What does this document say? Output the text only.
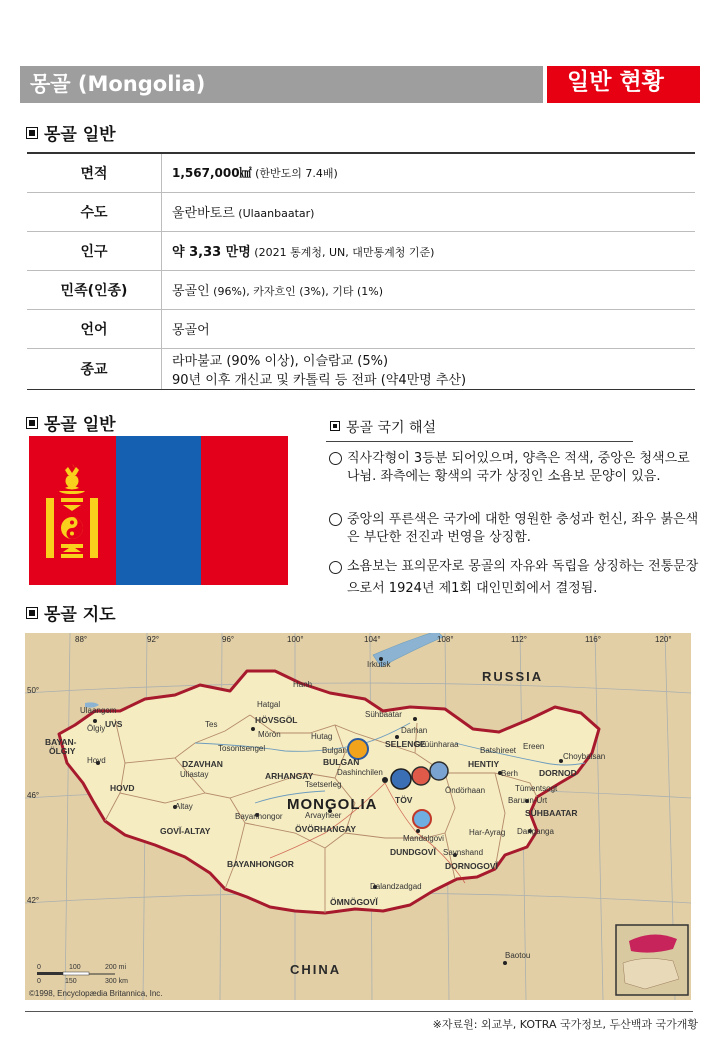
몽골 (Mongolia)	일반 현황
몽골 일반
면적	1,567,000㎢ (한반도의 7.4배)
수도	울란바토르 (Ulaanbaatar)
인구	약 3,33 만명 (2021 통계청, UN, 대만통계청 기준)
민족(인종)	몽골인 (96%), 카자흐인 (3%), 기타 (1%)
언어	몽골어
종교	라마불교 (90% 이상), 이슬람교 (5%)
90년 이후 개신교 및 카톨릭 등 전파 (약4만명 추산)
몽골 일반	몽골 국기 해설
직사각형이 3등분 되어있으며, 양측은 적색, 중앙은 청색으로 나뉨. 좌측에는 황색의 국가 상징인 소욤보 문양이 있음.
중앙의 푸른색은 국가에 대한 영원한 충성과 헌신, 좌우 붉은색은 부단한 전진과 번영을 상징함.
소욤보는 표의문자로 몽골의 자유와 독립을 상징하는 전통문장으로서 1924년 제1회 대인민회에서 결정됨.
몽골 지도
88°	92°	96°	100°	104°	108°	112°	116°	120°
50°
46°
42°
Irkutsk
Hatgal
Hanh
Ulaangom
Ölgiy	Tes
Mörön	Hutag
Bulgan
Dashinchilen
Sühbaatar
Darhan
Dzüünharaa
Batshireet Ereen
Choybalsan
Berh
Tümentsogt
Baruun-Urt
Dariganga
Öndörhaan
Tosontsengel
Uliastay
Hovd
Altay
Bayanhongor	Arvayheer
Mandalgovi
Har-Ayrag
Saynshand
Dalandzadgad
Baotou
Tsetserleg
BAYAN-
ÖLGIY
UVS	HÖVSGÖL
SELENGE
HENTIY
DORNOD
DZAVHAN
ARHANGAY
BULGAN
TÖV
HOVD
SÜHBAATAR
GOVĬ-ALTAY	ÖVÖRHANGAY
DUNDGOVĬ
DORNOGOVĬ
BAYANHONGOR
ÖMNÖGOVĬ
RUSSIA
CHINA
MONGOLIA
0	100	200 mi
0	150	300 km
©1998, Encyclopædia Britannica, Inc.
※자료원: 외교부, KOTRA 국가정보, 두산백과 국가개황
